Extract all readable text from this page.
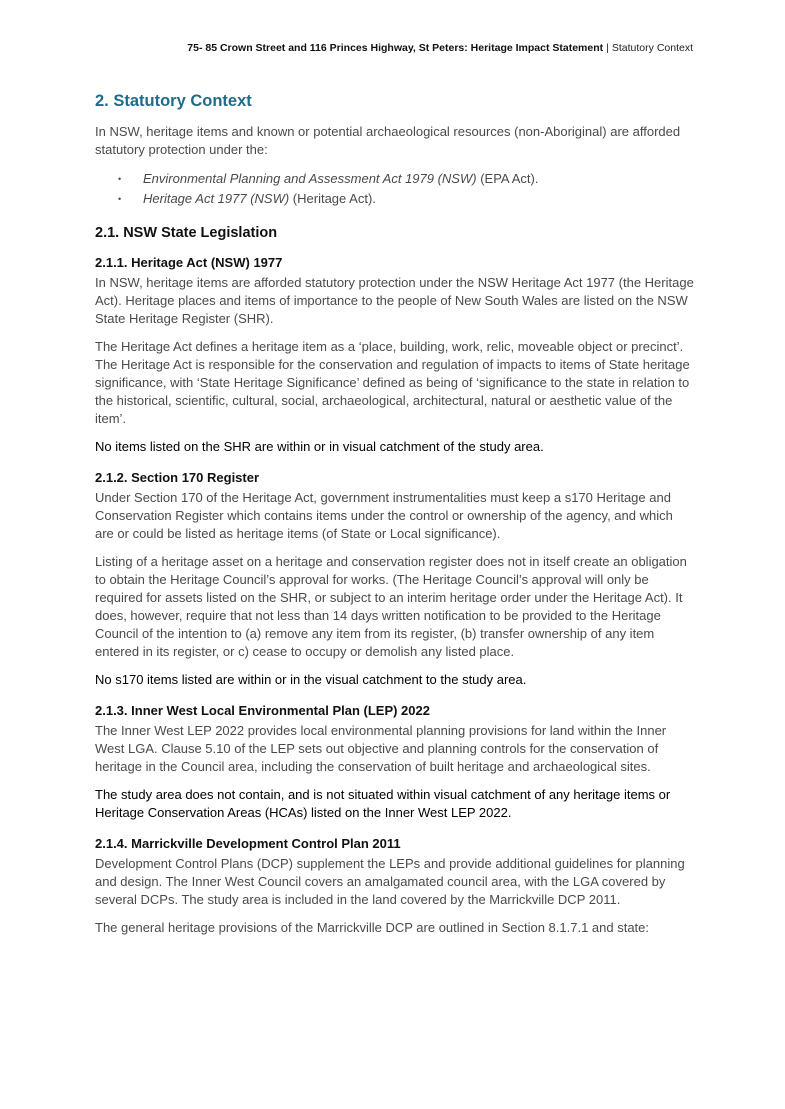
75- 85 Crown Street and 116 Princes Highway, St Peters: Heritage Impact Statement | Statutory Context
2. Statutory Context

In NSW, heritage items and known or potential archaeological resources (non-Aboriginal) are afforded statutory protection under the:

• Environmental Planning and Assessment Act 1979 (NSW) (EPA Act).
• Heritage Act 1977 (NSW) (Heritage Act).
2.1. NSW State Legislation
2.1.1. Heritage Act (NSW) 1977

In NSW, heritage items are afforded statutory protection under the NSW Heritage Act 1977 (the Heritage Act). Heritage places and items of importance to the people of New South Wales are listed on the NSW State Heritage Register (SHR).

The Heritage Act defines a heritage item as a ‘place, building, work, relic, moveable object or precinct’. The Heritage Act is responsible for the conservation and regulation of impacts to items of State heritage significance, with ‘State Heritage Significance’ defined as being of ‘significance to the state in relation to the historical, scientific, cultural, social, archaeological, architectural, natural or aesthetic value of the item’.

No items listed on the SHR are within or in visual catchment of the study area.

2.1.2. Section 170 Register

Under Section 170 of the Heritage Act, government instrumentalities must keep a s170 Heritage and Conservation Register which contains items under the control or ownership of the agency, and which are or could be listed as heritage items (of State or Local significance).

Listing of a heritage asset on a heritage and conservation register does not in itself create an obligation to obtain the Heritage Council’s approval for works. (The Heritage Council’s approval will only be required for assets listed on the SHR, or subject to an interim heritage order under the Heritage Act). It does, however, require that not less than 14 days written notification to be provided to the Heritage Council of the intention to (a) remove any item from its register, (b) transfer ownership of any item entered in its register, or c) cease to occupy or demolish any listed place.

No s170 items listed are within or in the visual catchment to the study area.

2.1.3. Inner West Local Environmental Plan (LEP) 2022

The Inner West LEP 2022 provides local environmental planning provisions for land within the Inner West LGA. Clause 5.10 of the LEP sets out objective and planning controls for the conservation of heritage in the Council area, including the conservation of built heritage and archaeological sites.

The study area does not contain, and is not situated within visual catchment of any heritage items or Heritage Conservation Areas (HCAs) listed on the Inner West LEP 2022.

2.1.4. Marrickville Development Control Plan 2011

Development Control Plans (DCP) supplement the LEPs and provide additional guidelines for planning and design. The Inner West Council covers an amalgamated council area, with the LGA covered by several DCPs. The study area is included in the land covered by the Marrickville DCP 2011.

The general heritage provisions of the Marrickville DCP are outlined in Section 8.1.7.1 and state:
